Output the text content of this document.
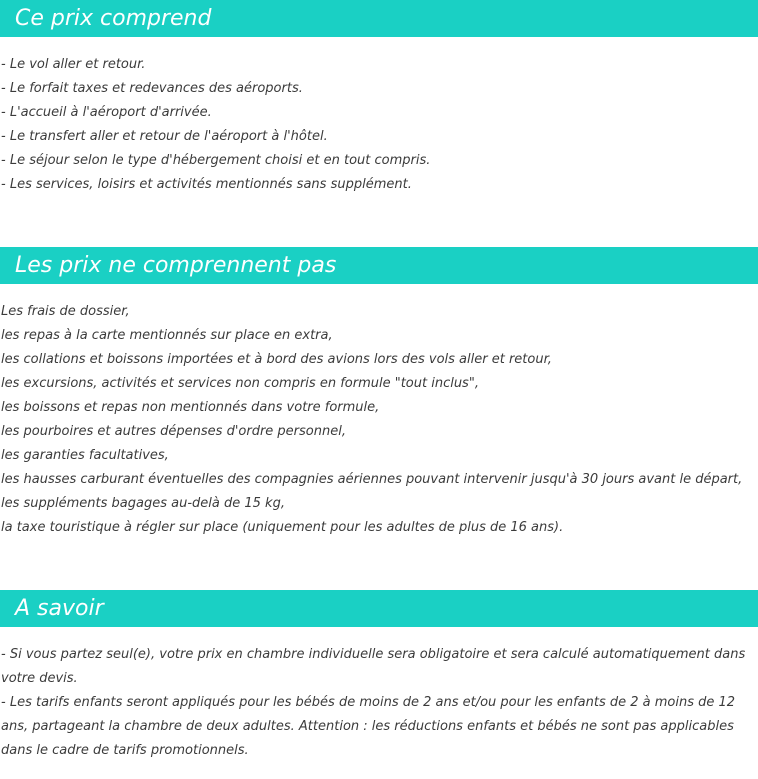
Ce prix comprend
- Le vol aller et retour.
- Le forfait taxes et redevances des aéroports.
- L'accueil à l'aéroport d'arrivée.
- Le transfert aller et retour de l'aéroport à l'hôtel.
- Le séjour selon le type d'hébergement choisi et en tout compris.
- Les services, loisirs et activités mentionnés sans supplément.
Les prix ne comprennent pas
Les frais de dossier,
les repas à la carte mentionnés sur place en extra,
les collations et boissons importées et à bord des avions lors des vols aller et retour,
les excursions, activités et services non compris en formule "tout inclus",
les boissons et repas non mentionnés dans votre formule,
les pourboires et autres dépenses d'ordre personnel,
les garanties facultatives,
les hausses carburant éventuelles des compagnies aériennes pouvant intervenir jusqu'à 30 jours avant le départ,
les suppléments bagages au-delà de 15 kg,
la taxe touristique à régler sur place (uniquement pour les adultes de plus de 16 ans).
A savoir
- Si vous partez seul(e), votre prix en chambre individuelle sera obligatoire et sera calculé automatiquement dans votre devis.
- Les tarifs enfants seront appliqués pour les bébés de moins de 2 ans et/ou pour les enfants de 2 à moins de 12 ans, partageant la chambre de deux adultes. Attention : les réductions enfants et bébés ne sont pas applicables dans le cadre de tarifs promotionnels.
